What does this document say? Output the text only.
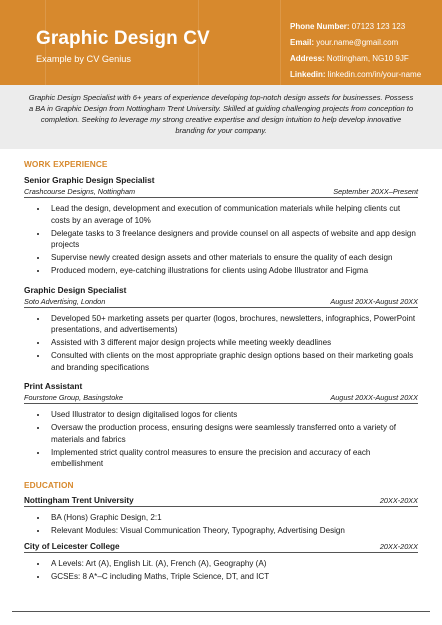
Graphic Design CV
Example by CV Genius
Phone Number: 07123 123 123
Email: your.name@gmail.com
Address: Nottingham, NG10 9JF
Linkedin: linkedin.com/in/your-name
Graphic Design Specialist with 6+ years of experience developing top-notch design assets for businesses. Possess a BA in Graphic Design from Nottingham Trent University. Skilled at guiding challenging projects from conception to completion. Seeking to leverage my strong creative expertise and design intuition to help develop innovative branding for your company.
WORK EXPERIENCE
Senior Graphic Design Specialist
Crashcourse Designs, Nottingham	September 20XX–Present
• Lead the design, development and execution of communication materials while helping clients cut costs by an average of 10%
• Delegate tasks to 3 freelance designers and provide counsel on all aspects of website and app design projects
• Supervise newly created design assets and other materials to ensure the quality of each design
• Produced modern, eye-catching illustrations for clients using Adobe Illustrator and Figma
Graphic Design Specialist
Soto Advertising, London	August 20XX-August 20XX
• Developed 50+ marketing assets per quarter (logos, brochures, newsletters, infographics, PowerPoint presentations, and advertisements)
• Assisted with 3 different major design projects while meeting weekly deadlines
• Consulted with clients on the most appropriate graphic design options based on their marketing goals and branding specifications
Print Assistant
Fourstone Group, Basingstoke	August 20XX-August 20XX
• Used Illustrator to design digitalised logos for clients
• Oversaw the production process, ensuring designs were seamlessly transferred onto a variety of materials and fabrics
• Implemented strict quality control measures to ensure the precision and accuracy of each embellishment
EDUCATION
Nottingham Trent University	20XX-20XX
• BA (Hons) Graphic Design, 2:1
• Relevant Modules: Visual Communication Theory, Typography, Advertising Design
City of Leicester College	20XX-20XX
• A Levels: Art (A), English Lit. (A), French (A), Geography (A)
• GCSEs: 8 A*–C including Maths, Triple Science, DT, and ICT
